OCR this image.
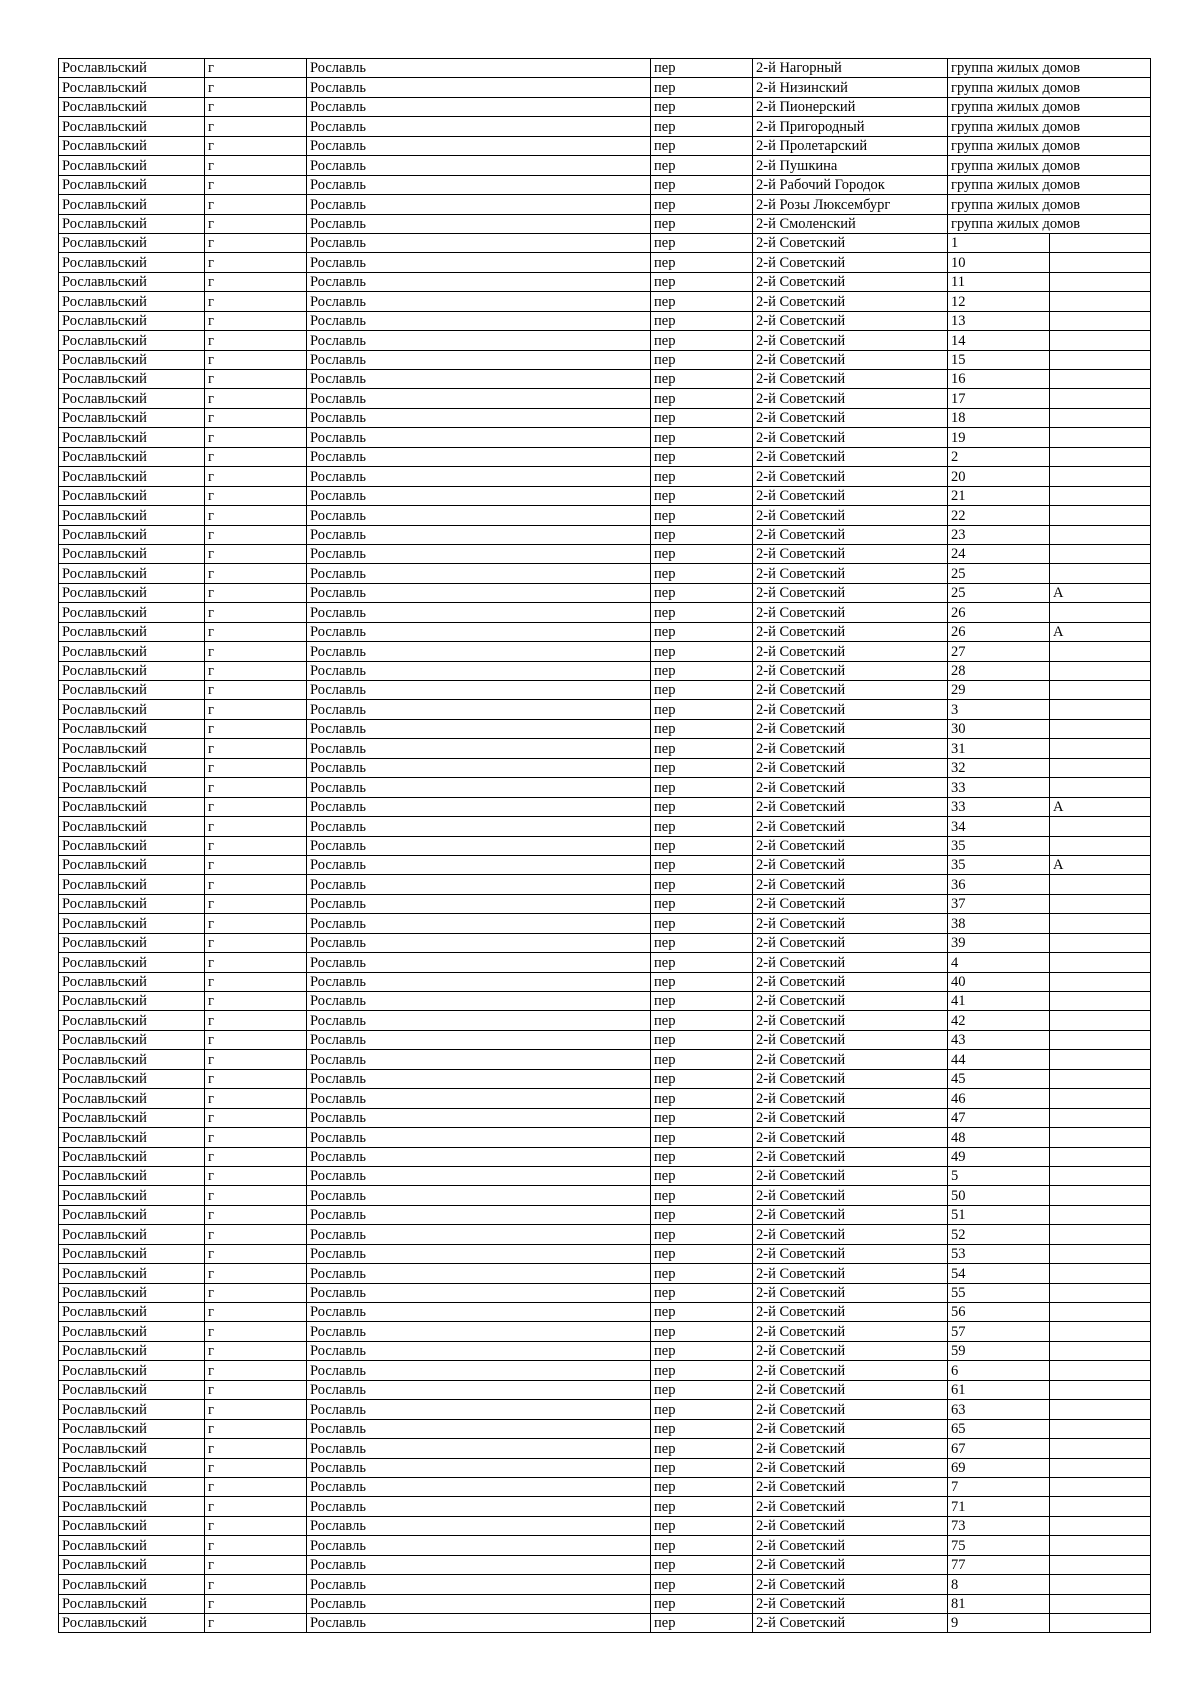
Рославльский	г	Рославль	пер	2-й Нагорный	группа жилых домов	
Рославльский	г	Рославль	пер	2-й Низинский	группа жилых домов	
Рославльский	г	Рославль	пер	2-й Пионерский	группа жилых домов	
Рославльский	г	Рославль	пер	2-й Пригородный	группа жилых домов	
Рославльский	г	Рославль	пер	2-й Пролетарский	группа жилых домов	
Рославльский	г	Рославль	пер	2-й Пушкина	группа жилых домов	
Рославльский	г	Рославль	пер	2-й Рабочий Городок	группа жилых домов	
Рославльский	г	Рославль	пер	2-й Розы Люксембург	группа жилых домов	
Рославльский	г	Рославль	пер	2-й Смоленский	группа жилых домов	
Рославльский	г	Рославль	пер	2-й Советский	1	
Рославльский	г	Рославль	пер	2-й Советский	10	
Рославльский	г	Рославль	пер	2-й Советский	11	
Рославльский	г	Рославль	пер	2-й Советский	12	
Рославльский	г	Рославль	пер	2-й Советский	13	
Рославльский	г	Рославль	пер	2-й Советский	14	
Рославльский	г	Рославль	пер	2-й Советский	15	
Рославльский	г	Рославль	пер	2-й Советский	16	
Рославльский	г	Рославль	пер	2-й Советский	17	
Рославльский	г	Рославль	пер	2-й Советский	18	
Рославльский	г	Рославль	пер	2-й Советский	19	
Рославльский	г	Рославль	пер	2-й Советский	2	
Рославльский	г	Рославль	пер	2-й Советский	20	
Рославльский	г	Рославль	пер	2-й Советский	21	
Рославльский	г	Рославль	пер	2-й Советский	22	
Рославльский	г	Рославль	пер	2-й Советский	23	
Рославльский	г	Рославль	пер	2-й Советский	24	
Рославльский	г	Рославль	пер	2-й Советский	25	
Рославльский	г	Рославль	пер	2-й Советский	25	А
Рославльский	г	Рославль	пер	2-й Советский	26	
Рославльский	г	Рославль	пер	2-й Советский	26	А
Рославльский	г	Рославль	пер	2-й Советский	27	
Рославльский	г	Рославль	пер	2-й Советский	28	
Рославльский	г	Рославль	пер	2-й Советский	29	
Рославльский	г	Рославль	пер	2-й Советский	3	
Рославльский	г	Рославль	пер	2-й Советский	30	
Рославльский	г	Рославль	пер	2-й Советский	31	
Рославльский	г	Рославль	пер	2-й Советский	32	
Рославльский	г	Рославль	пер	2-й Советский	33	
Рославльский	г	Рославль	пер	2-й Советский	33	А
Рославльский	г	Рославль	пер	2-й Советский	34	
Рославльский	г	Рославль	пер	2-й Советский	35	
Рославльский	г	Рославль	пер	2-й Советский	35	А
Рославльский	г	Рославль	пер	2-й Советский	36	
Рославльский	г	Рославль	пер	2-й Советский	37	
Рославльский	г	Рославль	пер	2-й Советский	38	
Рославльский	г	Рославль	пер	2-й Советский	39	
Рославльский	г	Рославль	пер	2-й Советский	4	
Рославльский	г	Рославль	пер	2-й Советский	40	
Рославльский	г	Рославль	пер	2-й Советский	41	
Рославльский	г	Рославль	пер	2-й Советский	42	
Рославльский	г	Рославль	пер	2-й Советский	43	
Рославльский	г	Рославль	пер	2-й Советский	44	
Рославльский	г	Рославль	пер	2-й Советский	45	
Рославльский	г	Рославль	пер	2-й Советский	46	
Рославльский	г	Рославль	пер	2-й Советский	47	
Рославльский	г	Рославль	пер	2-й Советский	48	
Рославльский	г	Рославль	пер	2-й Советский	49	
Рославльский	г	Рославль	пер	2-й Советский	5	
Рославльский	г	Рославль	пер	2-й Советский	50	
Рославльский	г	Рославль	пер	2-й Советский	51	
Рославльский	г	Рославль	пер	2-й Советский	52	
Рославльский	г	Рославль	пер	2-й Советский	53	
Рославльский	г	Рославль	пер	2-й Советский	54	
Рославльский	г	Рославль	пер	2-й Советский	55	
Рославльский	г	Рославль	пер	2-й Советский	56	
Рославльский	г	Рославль	пер	2-й Советский	57	
Рославльский	г	Рославль	пер	2-й Советский	59	
Рославльский	г	Рославль	пер	2-й Советский	6	
Рославльский	г	Рославль	пер	2-й Советский	61	
Рославльский	г	Рославль	пер	2-й Советский	63	
Рославльский	г	Рославль	пер	2-й Советский	65	
Рославльский	г	Рославль	пер	2-й Советский	67	
Рославльский	г	Рославль	пер	2-й Советский	69	
Рославльский	г	Рославль	пер	2-й Советский	7	
Рославльский	г	Рославль	пер	2-й Советский	71	
Рославльский	г	Рославль	пер	2-й Советский	73	
Рославльский	г	Рославль	пер	2-й Советский	75	
Рославльский	г	Рославль	пер	2-й Советский	77	
Рославльский	г	Рославль	пер	2-й Советский	8	
Рославльский	г	Рославль	пер	2-й Советский	81	
Рославльский	г	Рославль	пер	2-й Советский	9	
